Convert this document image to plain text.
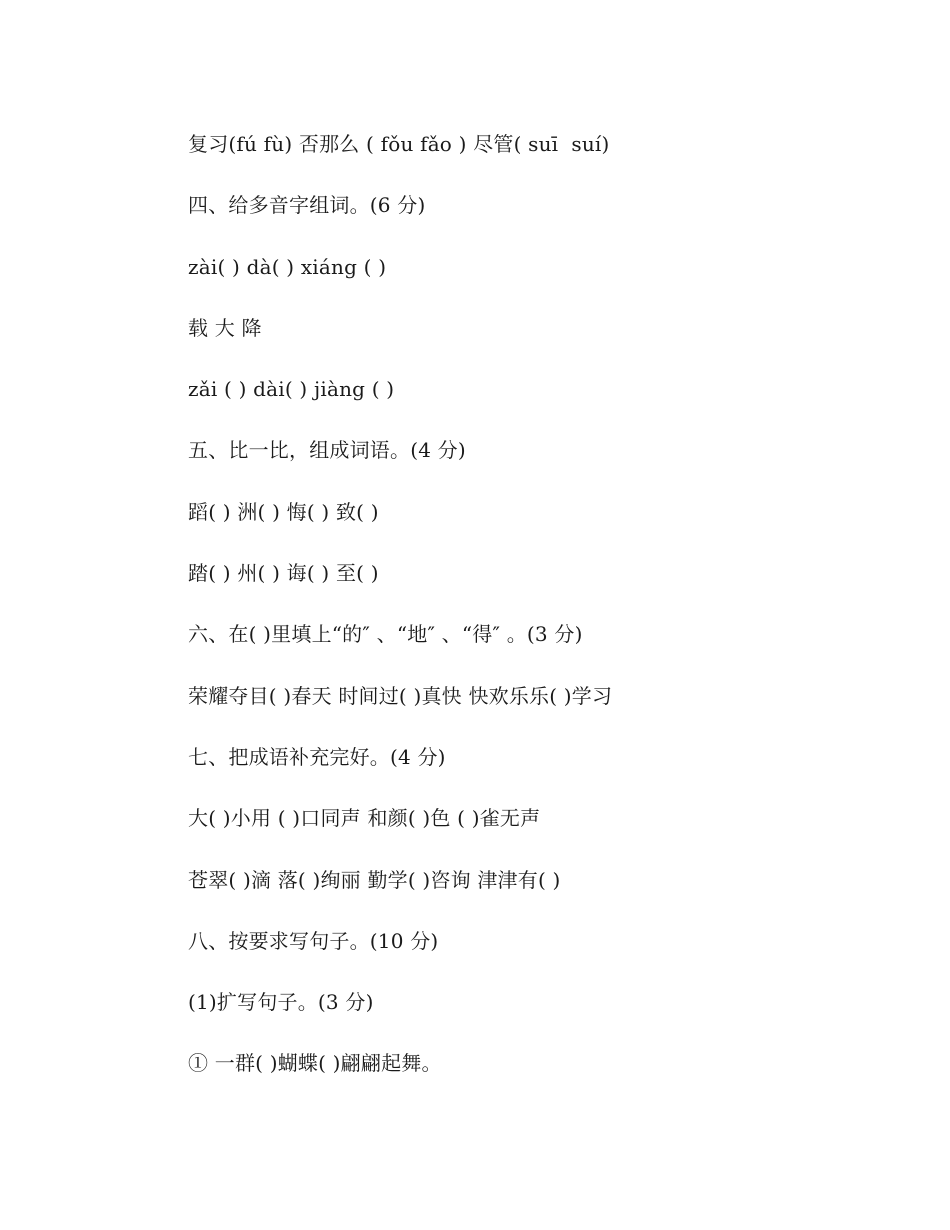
复习(fú fù) 否那么 ( fǒu fǎo ) 尽管( suī  suí)
四、给多音字组词。(6 分)
zài( ) dà( ) xiáng ( )
载 大 降
zǎi ( ) dài( ) jiàng ( )
五、比一比，组成词语。(4 分)
蹈( ) 洲( ) 悔( ) 致( )
踏( ) 州( ) 诲( ) 至( )
六、在( )里填上“的″ 、“地″ 、“得″ 。(3 分)
荣耀夺目( )春天 时间过( )真快 快欢乐乐( )学习
七、把成语补充完好。(4 分)
大( )小用 ( )口同声 和颜( )色 ( )雀无声
苍翠( )滴 落( )绚丽 勤学( )咨询 津津有( )
八、按要求写句子。(10 分)
(1)扩写句子。(3 分)
① 一群( )蝴蝶( )翩翩起舞。
